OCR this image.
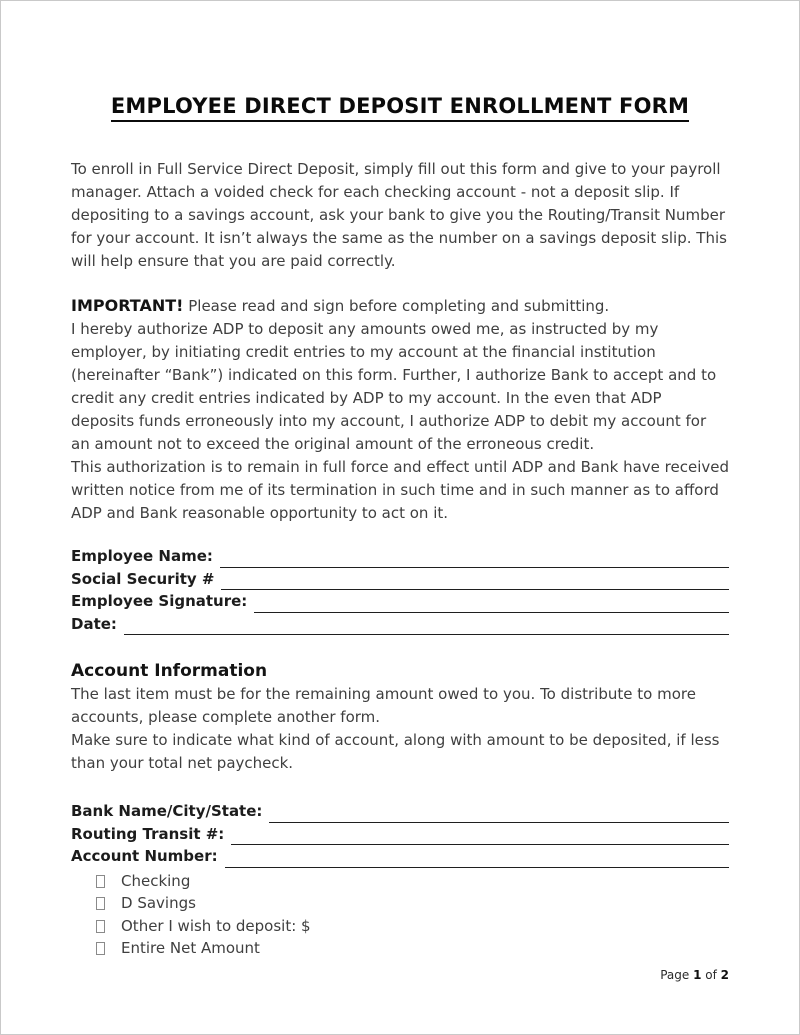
EMPLOYEE DIRECT DEPOSIT ENROLLMENT FORM

To enroll in Full Service Direct Deposit, simply fill out this form and give to your payroll manager. Attach a voided check for each checking account - not a deposit slip. If depositing to a savings account, ask your bank to give you the Routing/Transit Number for your account. It isn’t always the same as the number on a savings deposit slip. This will help ensure that you are paid correctly.

IMPORTANT! Please read and sign before completing and submitting.

I hereby authorize ADP to deposit any amounts owed me, as instructed by my employer, by initiating credit entries to my account at the financial institution (hereinafter “Bank”) indicated on this form. Further, I authorize Bank to accept and to credit any credit entries indicated by ADP to my account. In the even that ADP deposits funds erroneously into my account, I authorize ADP to debit my account for an amount not to exceed the original amount of the erroneous credit.

This authorization is to remain in full force and effect until ADP and Bank have received written notice from me of its termination in such time and in such manner as to afford ADP and Bank reasonable opportunity to act on it.

Employee Name:
Social Security #
Employee Signature:
Date:
Account Information

The last item must be for the remaining amount owed to you. To distribute to more accounts, please complete another form.

Make sure to indicate what kind of account, along with amount to be deposited, if less than your total net paycheck.

Bank Name/City/State:
Routing Transit #:
Account Number:
Checking
D Savings
Other I wish to deposit: $
Entire Net Amount
Page 1 of 2
